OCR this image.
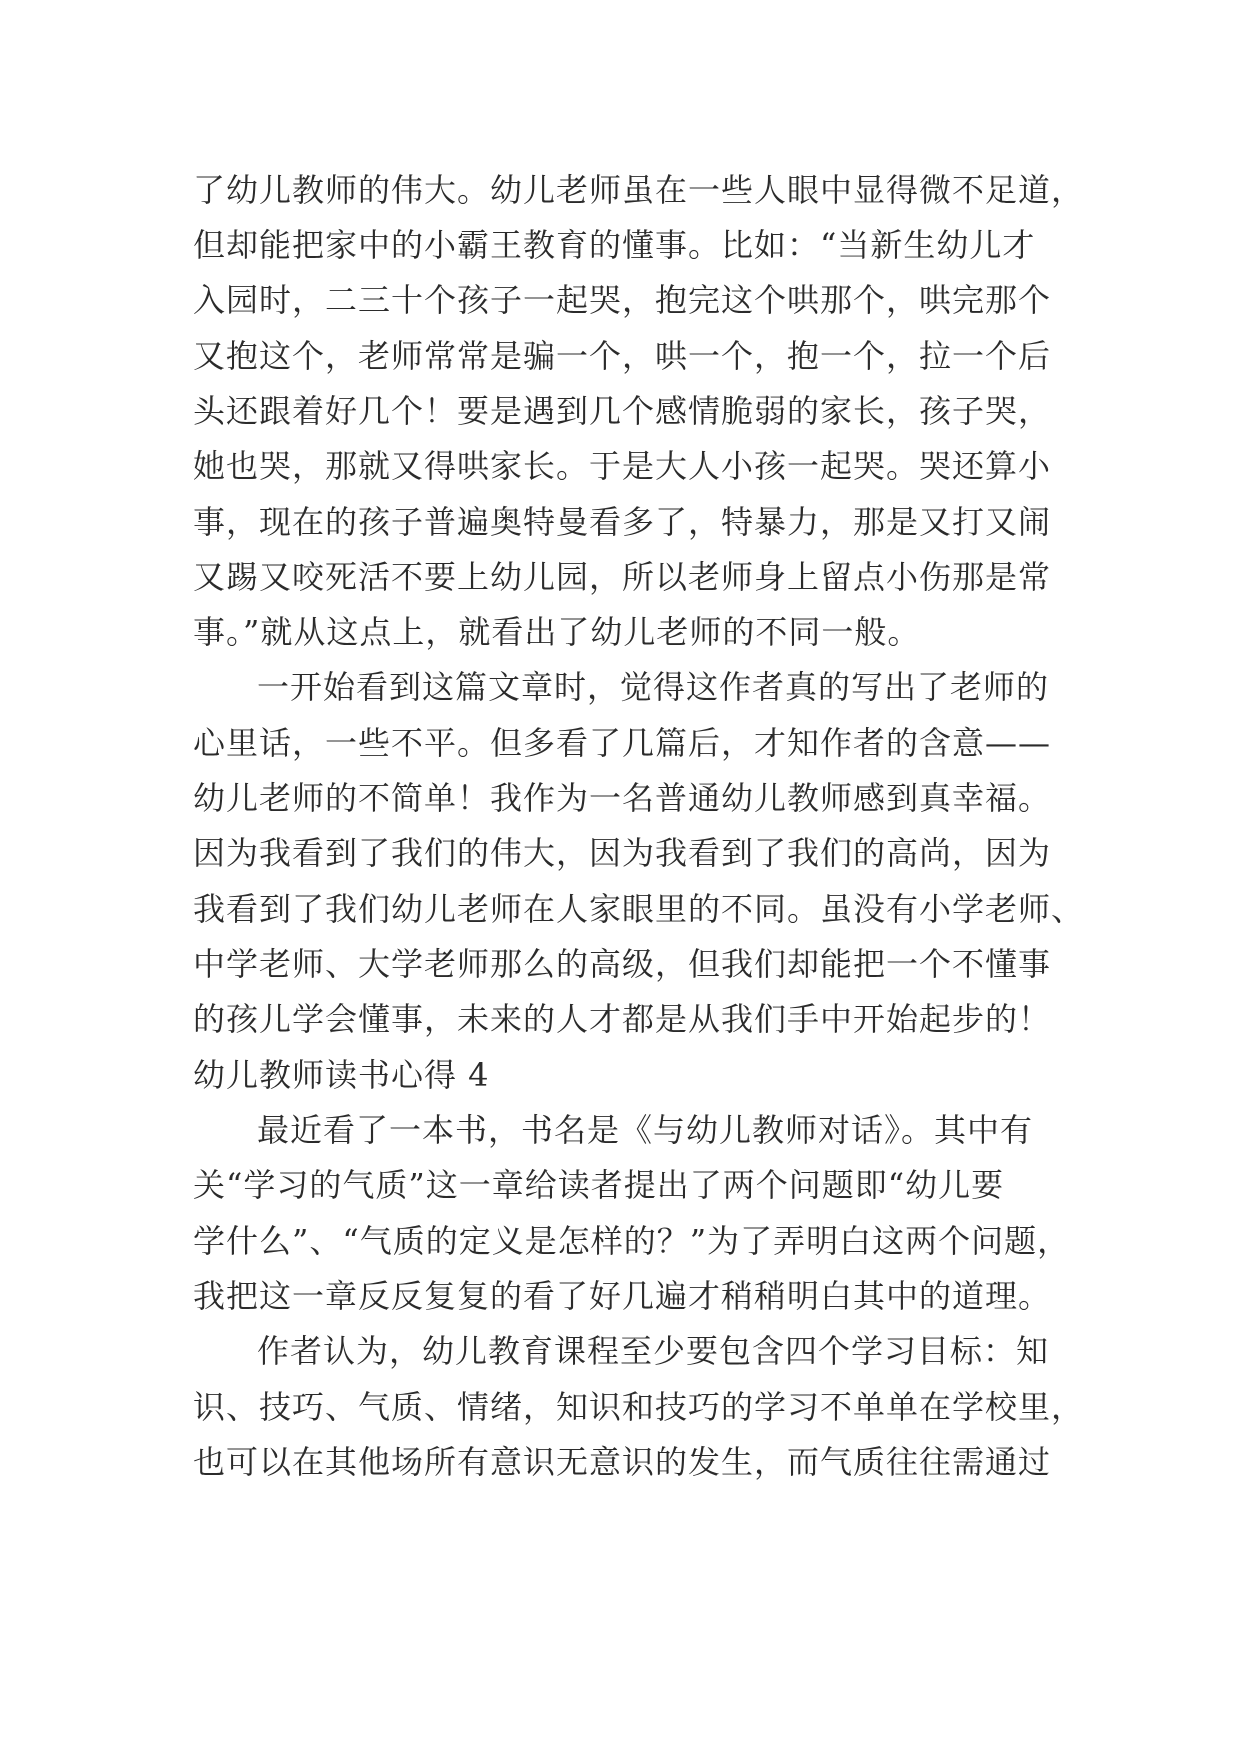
了幼儿教师的伟大。幼儿老师虽在一些人眼中显得微不足道，
但却能把家中的小霸王教育的懂事。比如：“当新生幼儿才
入园时，二三十个孩子一起哭，抱完这个哄那个，哄完那个
又抱这个，老师常常是骗一个，哄一个，抱一个，拉一个后
头还跟着好几个！要是遇到几个感情脆弱的家长，孩子哭，
她也哭，那就又得哄家长。于是大人小孩一起哭。哭还算小
事，现在的孩子普遍奥特曼看多了，特暴力，那是又打又闹
又踢又咬死活不要上幼儿园，所以老师身上留点小伤那是常
事。”就从这点上，就看出了幼儿老师的不同一般。
一开始看到这篇文章时，觉得这作者真的写出了老师的
心里话，一些不平。但多看了几篇后，才知作者的含意——
幼儿老师的不简单！我作为一名普通幼儿教师感到真幸福。
因为我看到了我们的伟大，因为我看到了我们的高尚，因为
我看到了我们幼儿老师在人家眼里的不同。虽没有小学老师、
中学老师、大学老师那么的高级，但我们却能把一个不懂事
的孩儿学会懂事，未来的人才都是从我们手中开始起步的！
幼儿教师读书心得 4
最近看了一本书，书名是《与幼儿教师对话》。其中有
关“学习的气质”这一章给读者提出了两个问题即“幼儿要
学什么”、“气质的定义是怎样的？”为了弄明白这两个问题，
我把这一章反反复复的看了好几遍才稍稍明白其中的道理。
作者认为，幼儿教育课程至少要包含四个学习目标：知
识、技巧、气质、情绪，知识和技巧的学习不单单在学校里，
也可以在其他场所有意识无意识的发生，而气质往往需通过
